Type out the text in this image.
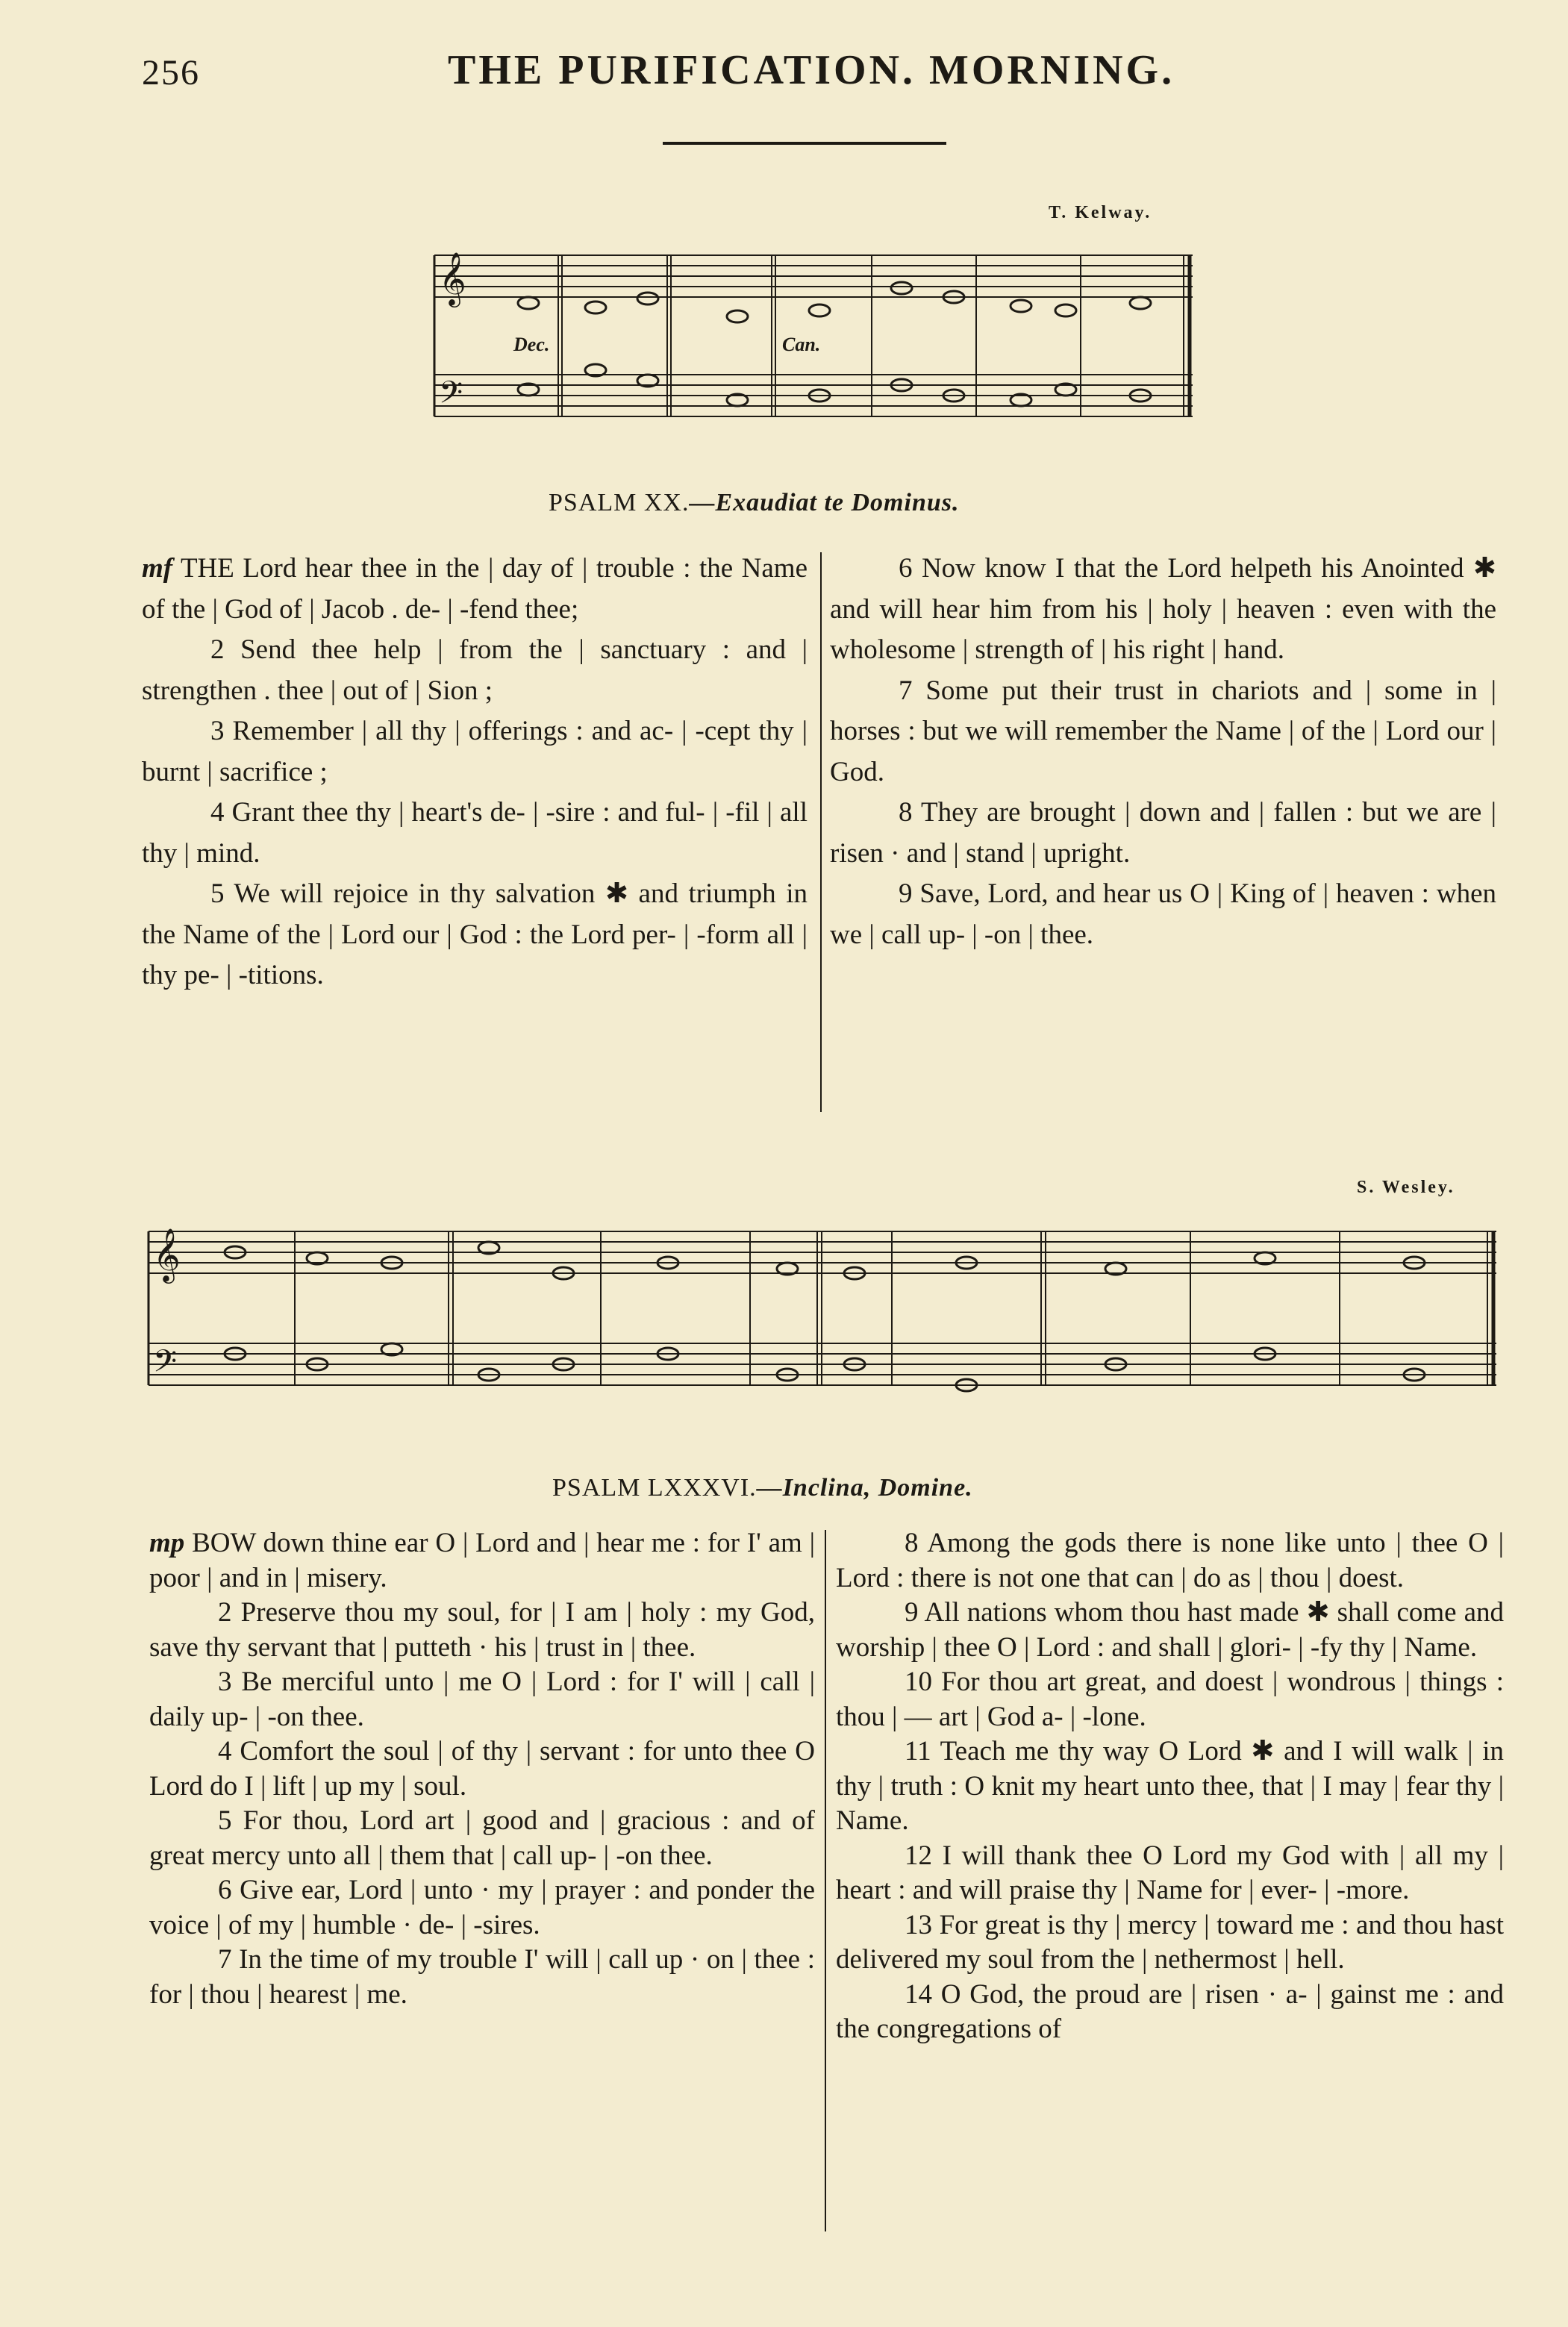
256	THE PURIFICATION. MORNING.
T. Kelway.
𝄞
𝄢
Dec.	Can.
PSALM XX.—Exaudiat te Dominus.

mf THE Lord hear thee in the | day of | trouble : the Name of the | God of | Jacob . de- | -fend thee;

2 Send thee help | from the | sanctuary : and | strengthen . thee | out of | Sion ;

3 Remember | all thy | offerings : and ac- | -cept thy | burnt | sacrifice ;

4 Grant thee thy | heart's de- | -sire : and ful- | -fil | all thy | mind.

5 We will rejoice in thy salvation ✱ and triumph in the Name of the | Lord our | God : the Lord per- | -form all | thy pe- | -titions.

6 Now know I that the Lord helpeth his Anointed ✱ and will hear him from his | holy | heaven : even with the wholesome | strength of | his right | hand.

7 Some put their trust in chariots and | some in | horses : but we will remember the Name | of the | Lord our | God.

8 They are brought | down and | fallen : but we are | risen · and | stand | upright.

9 Save, Lord, and hear us O | King of | heaven : when we | call up- | -on | thee.

S. Wesley.
𝄞
𝄢
PSALM LXXXVI.—Inclina, Domine.

mp BOW down thine ear O | Lord and | hear me : for I' am | poor | and in | misery.

2 Preserve thou my soul, for | I am | holy : my God, save thy servant that | putteth · his | trust in | thee.

3 Be merciful unto | me O | Lord : for I' will | call | daily up- | -on thee.

4 Comfort the soul | of thy | servant : for unto thee O Lord do I | lift | up my | soul.

5 For thou, Lord art | good and | gracious : and of great mercy unto all | them that | call up- | -on thee.

6 Give ear, Lord | unto · my | prayer : and ponder the voice | of my | humble · de- | -sires.

7 In the time of my trouble I' will | call up · on | thee : for | thou | hearest | me.

8 Among the gods there is none like unto | thee O | Lord : there is not one that can | do as | thou | doest.

9 All nations whom thou hast made ✱ shall come and worship | thee O | Lord : and shall | glori- | -fy thy | Name.

10 For thou art great, and doest | wondrous | things : thou | — art | God a- | -lone.

11 Teach me thy way O Lord ✱ and I will walk | in thy | truth : O knit my heart unto thee, that | I may | fear thy | Name.

12 I will thank thee O Lord my God with | all my | heart : and will praise thy | Name for | ever- | -more.

13 For great is thy | mercy | toward me : and thou hast delivered my soul from the | nethermost | hell.

14 O God, the proud are | risen · a- | gainst me : and the congregations of
